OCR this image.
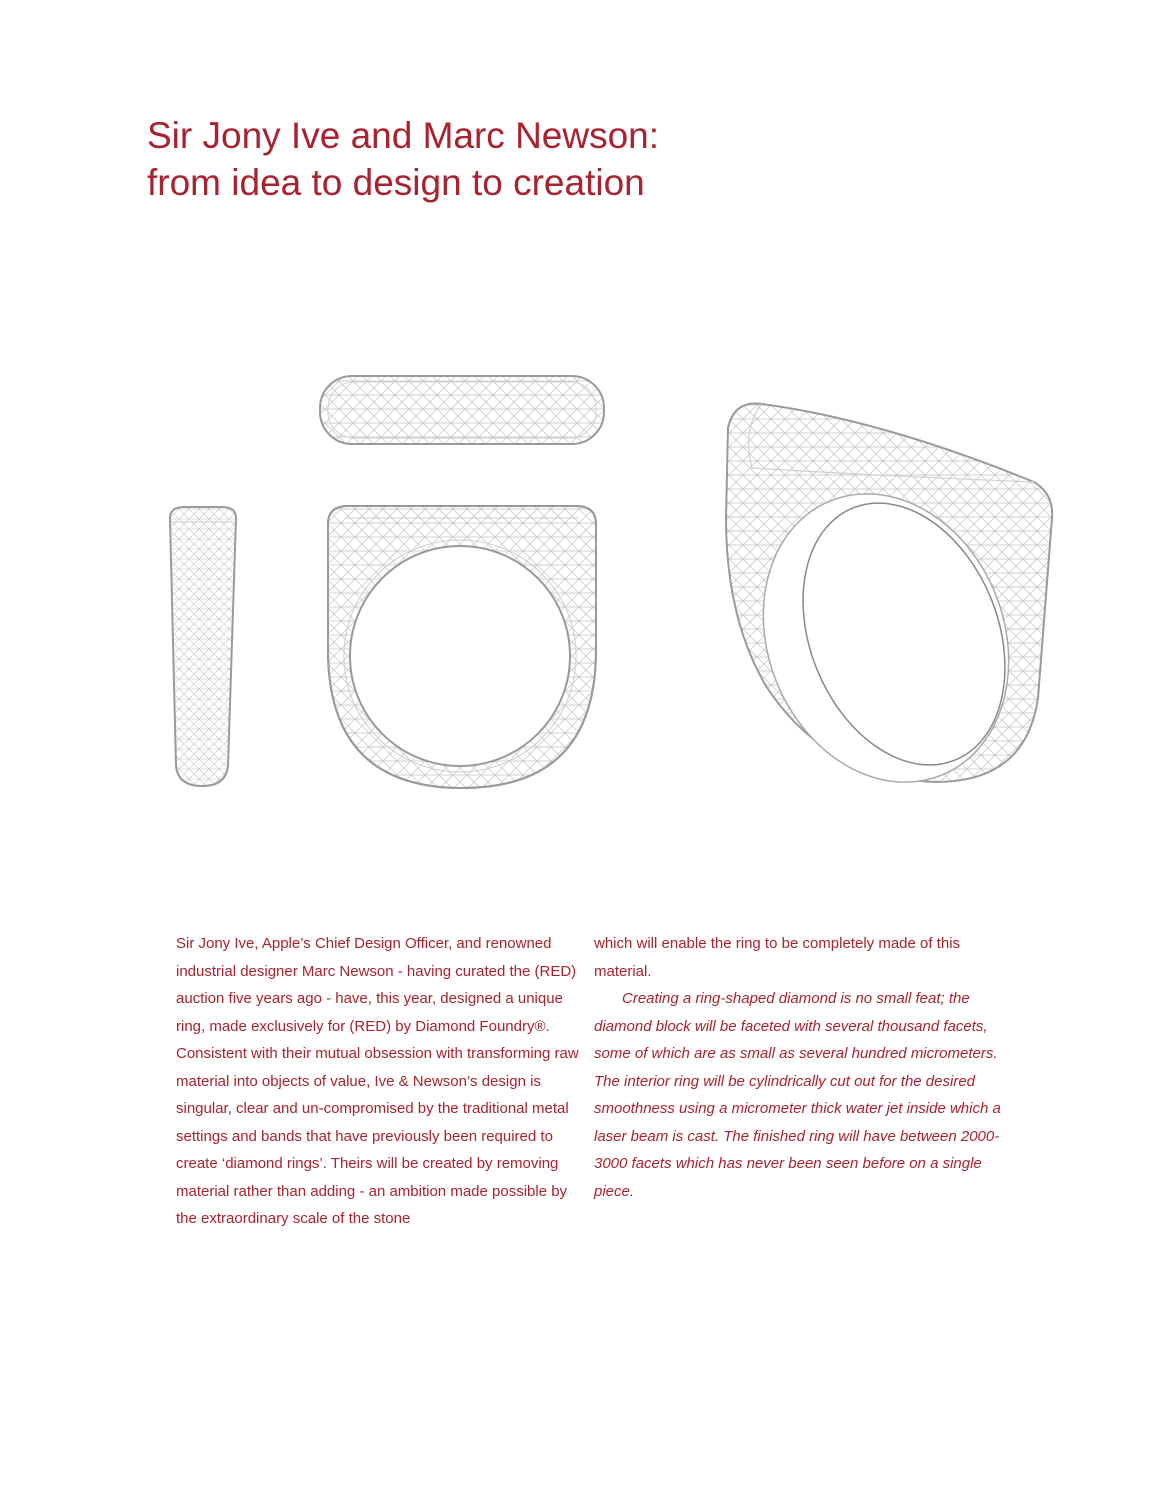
Sir Jony Ive and Marc Newson:
from idea to design to creation

Sir Jony Ive, Apple’s Chief Design Officer, and renowned industrial designer Marc Newson - having curated the (RED) auction five years ago - have, this year, designed a unique ring, made exclusively for (RED) by Diamond Foundry®. Consistent with their mutual obsession with transforming raw material into objects of value, Ive & Newson’s design is singular, clear and un-compromised by the traditional metal settings and bands that have previously been required to create ‘diamond rings’. Theirs will be created by removing material rather than adding - an ambition made possible by the extraordinary scale of the stone

which will enable the ring to be completely made of this material.

Creating a ring-shaped diamond is no small feat; the diamond block will be faceted with several thousand facets, some of which are as small as several hundred micrometers. The interior ring will be cylindrically cut out for the desired smoothness using a micrometer thick water jet inside which a laser beam is cast. The finished ring will have between 2000-3000 facets which has never been seen before on a single piece.
